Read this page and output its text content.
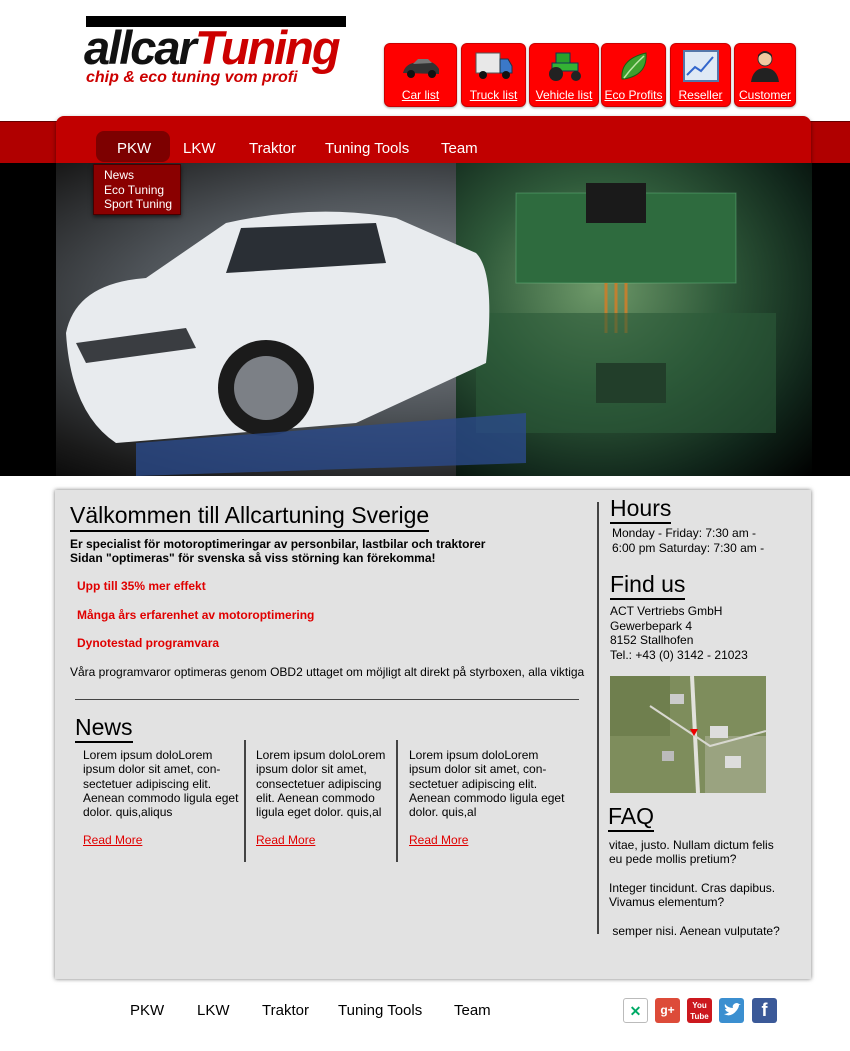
allcarTuning
chip & eco tuning vom profi
Car list	Truck list	Vehicle list	Eco Profits	Reseller	Customer
PKW LKW Traktor Tuning Tools Team
News
Eco Tuning
Sport Tuning
Välkommen till Allcartuning Sverige
Er specialist för motoroptimeringar av personbilar, lastbilar och traktorer
Sidan "optimeras" för svenska så viss störning kan förekomma!
Upp till 35% mer effekt
Många års erfarenhet av motoroptimering
Dynotestad programvara
Våra programvaror optimeras genom OBD2 uttaget om möjligt alt direkt på styrboxen, alla viktiga
News
Lorem ipsum doloLorem
ipsum dolor sit amet, con-
sectetuer adipiscing elit.
Aenean commodo ligula eget
dolor. quis,aliqus
Read More
Lorem ipsum doloLorem
ipsum dolor sit amet,
consectetuer adipiscing
elit. Aenean commodo
ligula eget dolor. quis,al
Read More
Lorem ipsum doloLorem
ipsum dolor sit amet, con-
sectetuer adipiscing elit.
Aenean commodo ligula eget
dolor. quis,al
Read More
Hours
Monday - Friday: 7:30 am -
6:00 pm Saturday: 7:30 am -
Find us
ACT Vertriebs GmbH
Gewerbepark 4
8152 Stallhofen
Tel.: +43 (0) 3142 - 21023
FAQ
vitae, justo. Nullam dictum felis
eu pede mollis pretium?
Integer tincidunt. Cras dapibus.
Vivamus elementum?
semper nisi. Aenean vulputate?
PKW LKW Traktor Tuning Tools Team	✕	g+	You
Tube	f
